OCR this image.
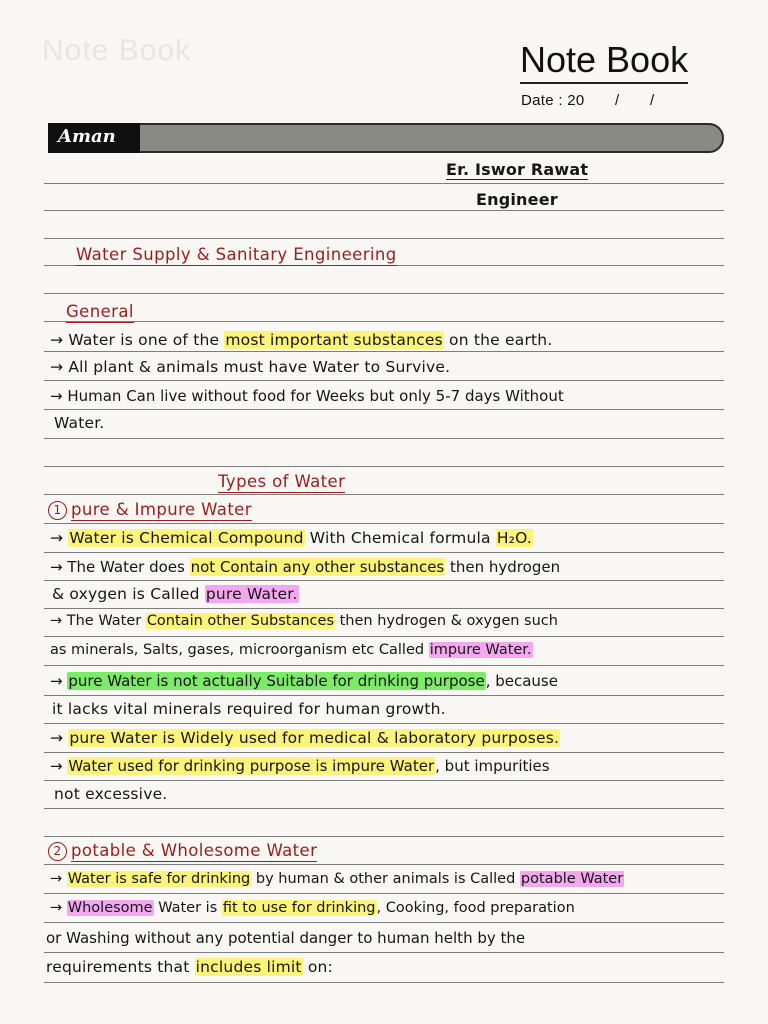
Note Book	Note Book
Date : 20 / /
Aman
Er. Iswor Rawat
Engineer
Water Supply & Sanitary Engineering
General
→ Water is one of the most important substances on the earth.
→ All plant & animals must have Water to Survive.
→ Human Can live without food for Weeks but only 5-7 days Without
Water.
Types of Water
1 pure & Impure Water
→ Water is Chemical Compound With Chemical formula H₂O.
→ The Water does not Contain any other substances then hydrogen
& oxygen is Called pure Water.
→ The Water Contain other Substances then hydrogen & oxygen such
as minerals, Salts, gases, microorganism etc Called impure Water.
→ pure Water is not actually Suitable for drinking purpose, because
it lacks vital minerals required for human growth.
→ pure Water is Widely used for medical & laboratory purposes.
→ Water used for drinking purpose is impure Water, but impurities
not excessive.
2 potable & Wholesome Water
→ Water is safe for drinking by human & other animals is Called potable Water
→ Wholesome Water is fit to use for drinking, Cooking, food preparation
or Washing without any potential danger to human helth by the
requirements that includes limit on:
